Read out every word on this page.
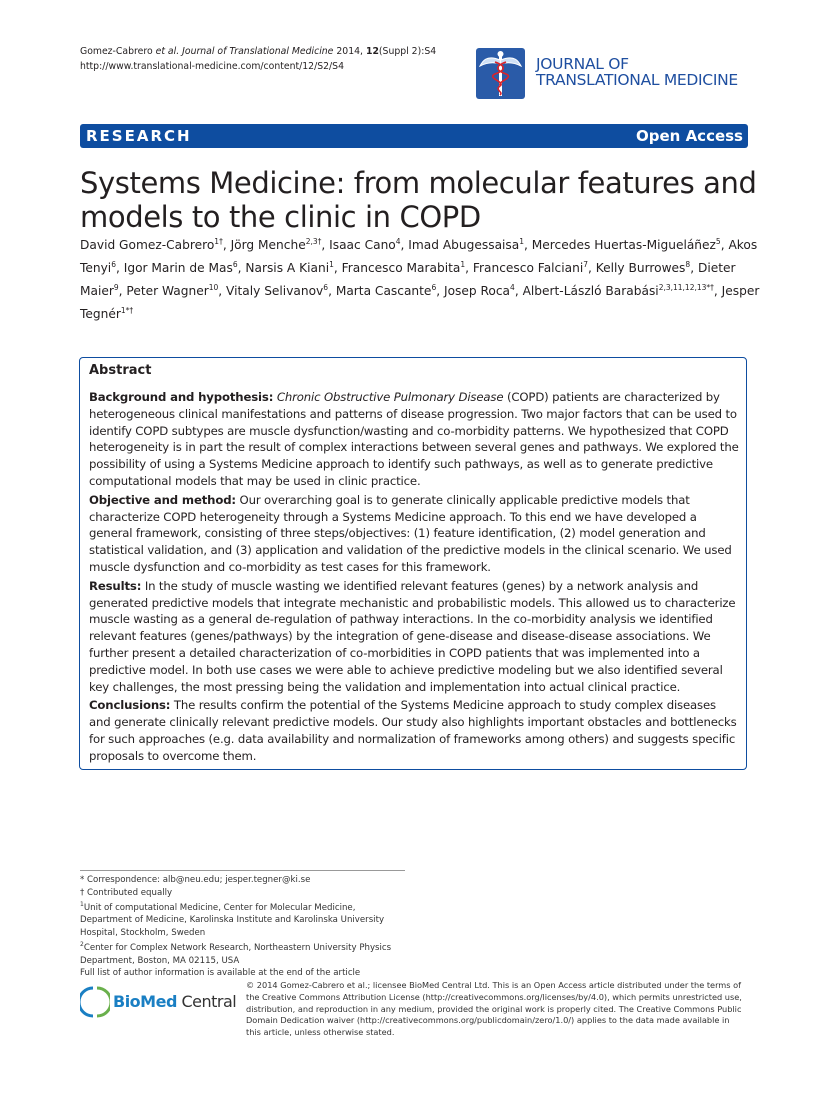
Gomez-Cabrero et al. Journal of Translational Medicine 2014, 12(Suppl 2):S4
http://www.translational-medicine.com/content/12/S2/S4	JOURNAL OF
TRANSLATIONAL MEDICINE
RESEARCH	Open Access
Systems Medicine: from molecular features and models to the clinic in COPD
David Gomez-Cabrero$^{1\dagger}$, Jörg Menche$^{2,3\dagger}$, Isaac Cano$^4$, Imad Abugessaisa$^1$, Mercedes Huertas-Migueláñez$^5$, Akos Tenyi$^6$, Igor Marin de Mas$^6$, Narsis A Kiani$^1$, Francesco Marabita$^1$, Francesco Falciani$^7$, Kelly Burrowes$^8$, Dieter Maier$^9$, Peter Wagner$^{10}$, Vitaly Selivanov$^6$, Marta Cascante$^6$, Josep Roca$^4$, Albert-László Barabási$^{2,3,11,12,13*\dagger}$, Jesper Tegnér$^{1*\dagger}$
Abstract

Background and hypothesis: Chronic Obstructive Pulmonary Disease (COPD) patients are characterized by heterogeneous clinical manifestations and patterns of disease progression. Two major factors that can be used to identify COPD subtypes are muscle dysfunction/wasting and co-morbidity patterns. We hypothesized that COPD heterogeneity is in part the result of complex interactions between several genes and pathways. We explored the possibility of using a Systems Medicine approach to identify such pathways, as well as to generate predictive computational models that may be used in clinic practice.

Objective and method: Our overarching goal is to generate clinically applicable predictive models that characterize COPD heterogeneity through a Systems Medicine approach. To this end we have developed a general framework, consisting of three steps/objectives: (1) feature identification, (2) model generation and statistical validation, and (3) application and validation of the predictive models in the clinical scenario. We used muscle dysfunction and co-morbidity as test cases for this framework.

Results: In the study of muscle wasting we identified relevant features (genes) by a network analysis and generated predictive models that integrate mechanistic and probabilistic models. This allowed us to characterize muscle wasting as a general de-regulation of pathway interactions. In the co-morbidity analysis we identified relevant features (genes/pathways) by the integration of gene-disease and disease-disease associations. We further present a detailed characterization of co-morbidities in COPD patients that was implemented into a predictive model. In both use cases we were able to achieve predictive modeling but we also identified several key challenges, the most pressing being the validation and implementation into actual clinical practice.

Conclusions: The results confirm the potential of the Systems Medicine approach to study complex diseases and generate clinically relevant predictive models. Our study also highlights important obstacles and bottlenecks for such approaches (e.g. data availability and normalization of frameworks among others) and suggests specific proposals to overcome them.

* Correspondence: alb@neu.edu; jesper.tegner@ki.se
† Contributed equally
$^1$Unit of computational Medicine, Center for Molecular Medicine, Department of Medicine, Karolinska Institute and Karolinska University Hospital, Stockholm, Sweden
$^2$Center for Complex Network Research, Northeastern University Physics Department, Boston, MA 02115, USA
Full list of author information is available at the end of the article
BioMed Central
© 2014 Gomez-Cabrero et al.; licensee BioMed Central Ltd. This is an Open Access article distributed under the terms of the Creative Commons Attribution License (http://creativecommons.org/licenses/by/4.0), which permits unrestricted use, distribution, and reproduction in any medium, provided the original work is properly cited. The Creative Commons Public Domain Dedication waiver (http://creativecommons.org/publicdomain/zero/1.0/) applies to the data made available in this article, unless otherwise stated.
